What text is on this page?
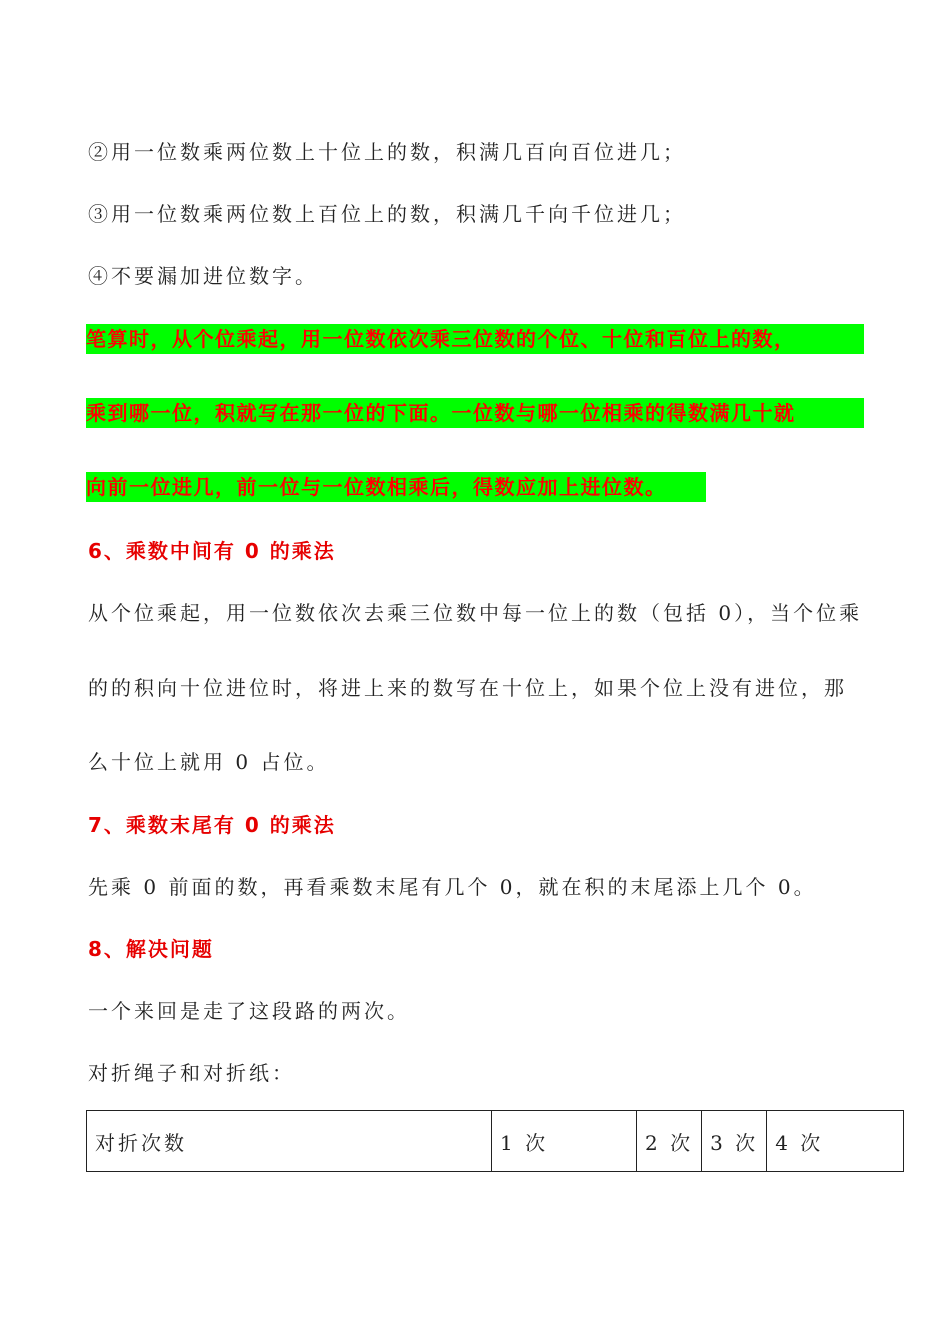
②用一位数乘两位数上十位上的数，积满几百向百位进几；
③用一位数乘两位数上百位上的数，积满几千向千位进几；
④不要漏加进位数字。
笔算时，从个位乘起，用一位数依次乘三位数的个位、十位和百位上的数，
乘到哪一位，积就写在那一位的下面。一位数与哪一位相乘的得数满几十就
向前一位进几，前一位与一位数相乘后，得数应加上进位数。
6、乘数中间有 0 的乘法
从个位乘起，用一位数依次去乘三位数中每一位上的数（包括 0），当个位乘
的的积向十位进位时，将进上来的数写在十位上，如果个位上没有进位，那
么十位上就用 0 占位。
7、乘数末尾有 0 的乘法
先乘 0 前面的数，再看乘数末尾有几个 0，就在积的末尾添上几个 0。
8、解决问题
一个来回是走了这段路的两次。
对折绳子和对折纸：
对折次数	1 次	2 次	3 次	4 次
